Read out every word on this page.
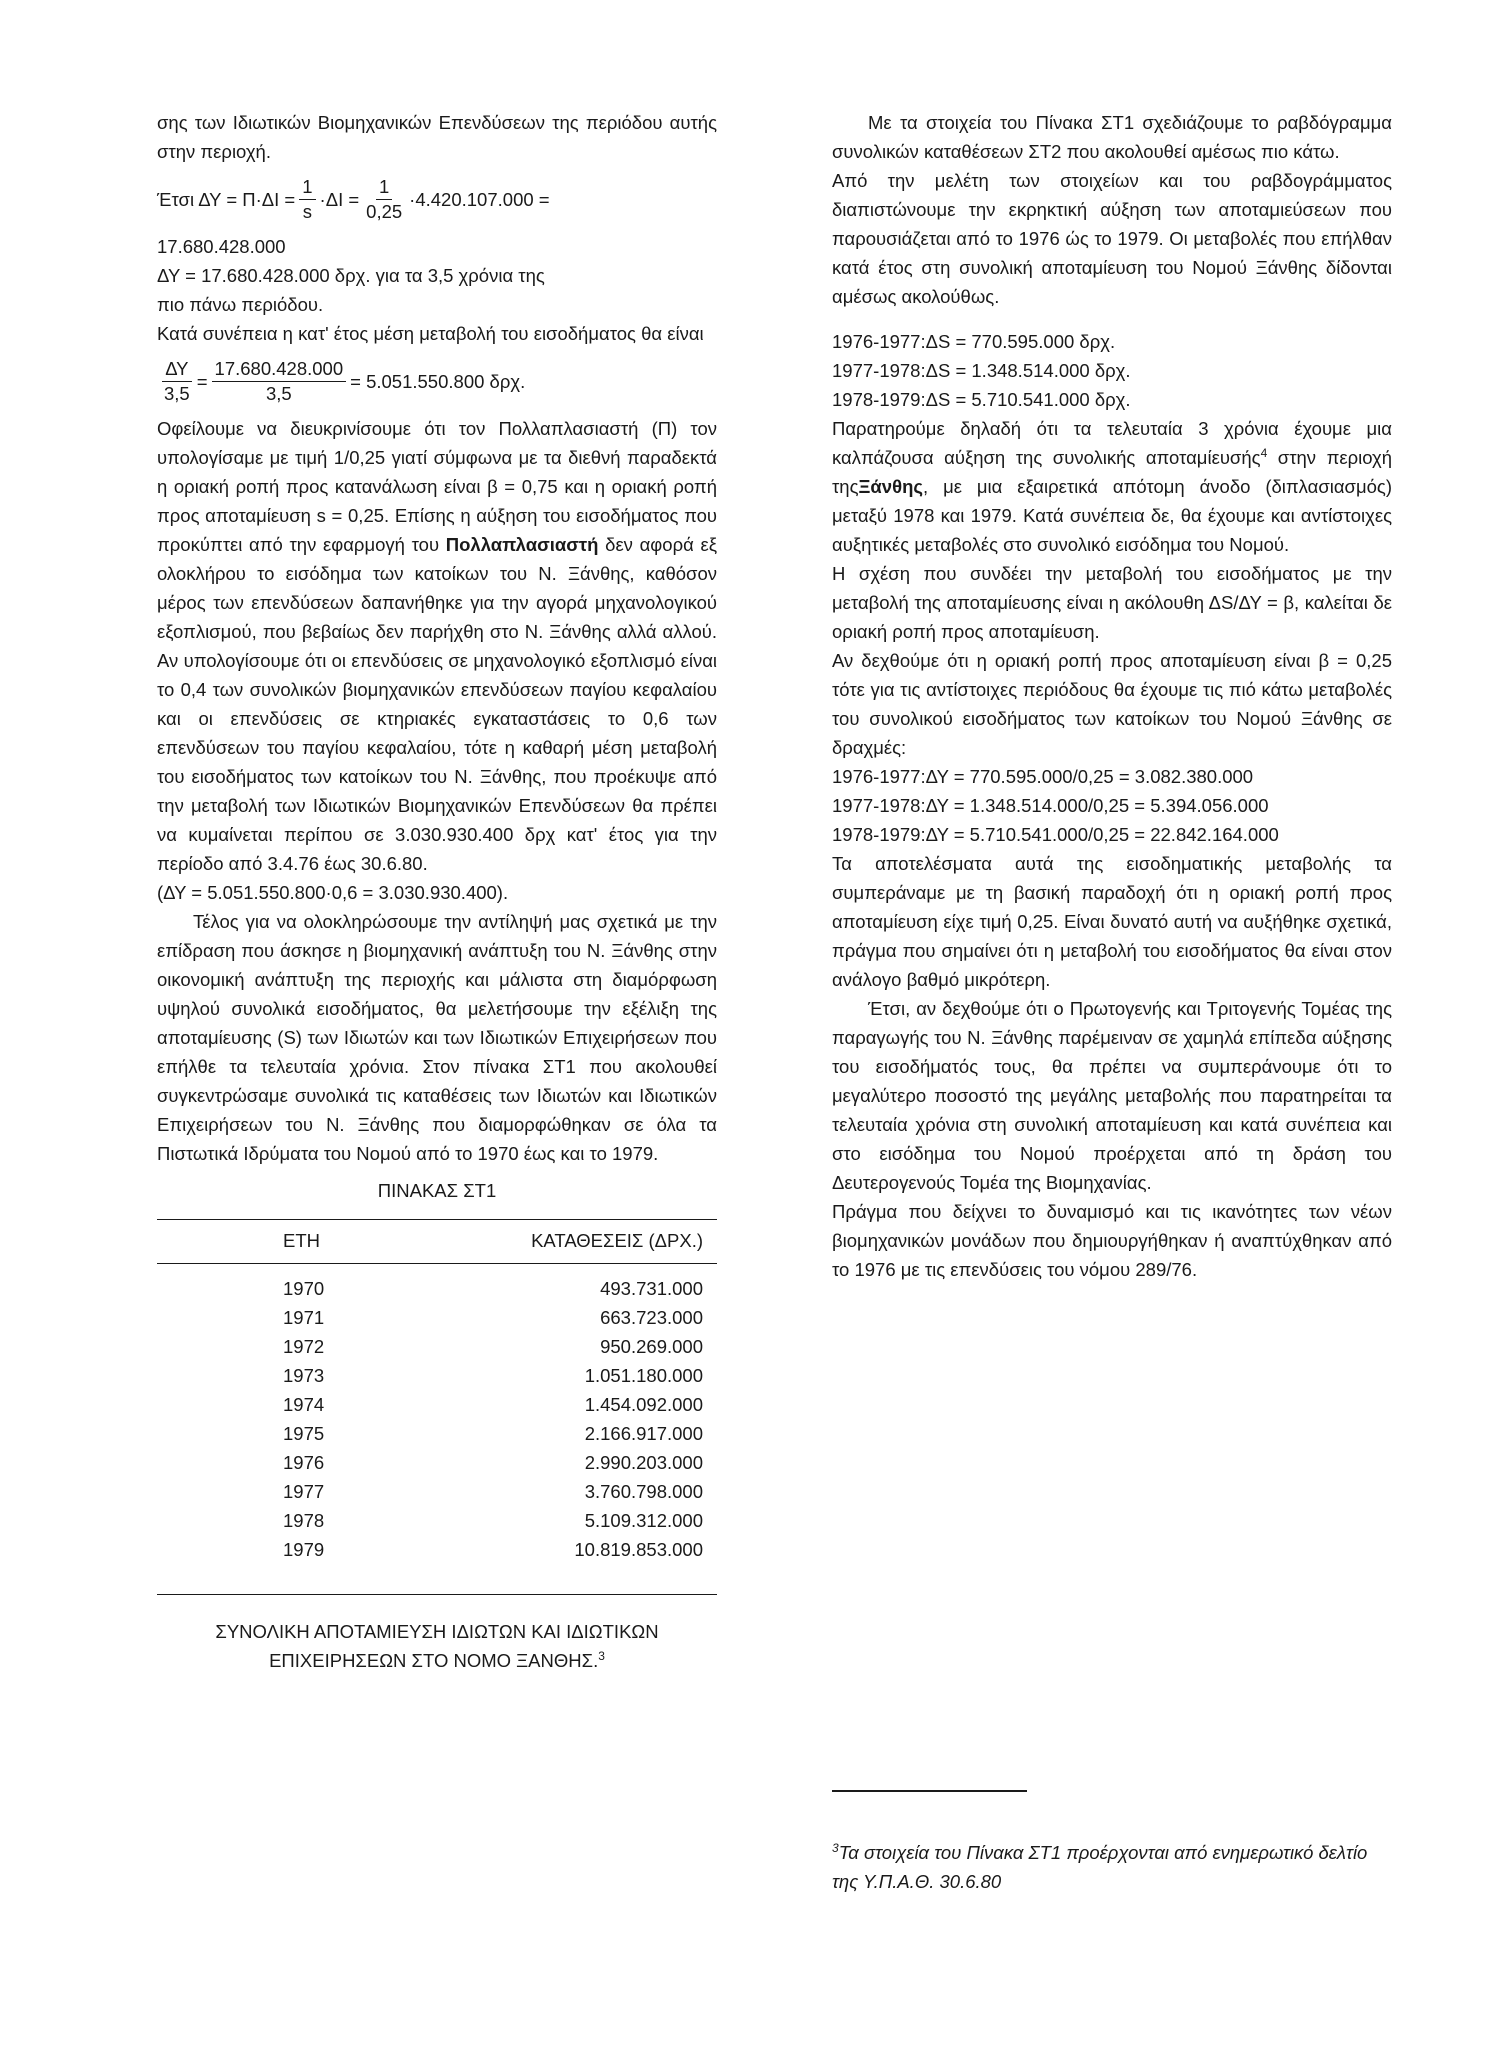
σης των Ιδιωτικών Βιομηχανικών Επενδύσεων της περιόδου αυτής στην περιοχή.

Έτσι $\Delta\Upsilon = \Pi\cdot\Delta I = \frac{1}{s} \cdot\Delta I = \frac{1}{0,25} \cdot 4.420.107.000$ =

17.680.428.000

ΔΥ = 17.680.428.000 δρχ. για τα 3,5 χρόνια της

πιο πάνω περιόδου.

Κατά συνέπεια η κατ' έτος μέση μεταβολή του εισοδήματος θα είναι

$\frac{\Delta\Upsilon}{3,5} = \frac{17.680.428.000}{3,5} = 5.051.550.800$ δρχ.

Οφείλουμε να διευκρινίσουμε ότι τον Πολλαπλασιαστή (Π) τον υπολογίσαμε με τιμή 1/0,25 γιατί σύμφωνα με τα διεθνή παραδεκτά η οριακή ροπή προς κατανάλωση είναι β = 0,75 και η οριακή ροπή προς αποταμίευση s = 0,25. Επίσης η αύξηση του εισοδήματος που προκύπτει από την εφαρμογή του Πολλαπλασιαστή δεν αφορά εξ ολοκλήρου το εισόδημα των κατοίκων του Ν. Ξάνθης, καθόσον μέρος των επενδύσεων δαπανήθηκε για την αγορά μηχανολογικού εξοπλισμού, που βεβαίως δεν παρήχθη στο Ν. Ξάνθης αλλά αλλού. Αν υπολογίσουμε ότι οι επενδύσεις σε μηχανολογικό εξοπλισμό είναι το 0,4 των συνολικών βιομηχανικών επενδύσεων παγίου κεφαλαίου και οι επενδύσεις σε κτηριακές εγκαταστάσεις το 0,6 των επενδύσεων του παγίου κεφαλαίου, τότε η καθαρή μέση μεταβολή του εισοδήματος των κατοίκων του Ν. Ξάνθης, που προέκυψε από την μεταβολή των Ιδιωτικών Βιομηχανικών Επενδύσεων θα πρέπει να κυμαίνεται περίπου σε 3.030.930.400 δρχ κατ' έτος για την περίοδο από 3.4.76 έως 30.6.80.

(ΔΥ = 5.051.550.800·0,6 = 3.030.930.400).

Τέλος για να ολοκληρώσουμε την αντίληψή μας σχετικά με την επίδραση που άσκησε η βιομηχανική ανάπτυξη του Ν. Ξάνθης στην οικονομική ανάπτυξη της περιοχής και μάλιστα στη διαμόρφωση υψηλού συνολικά εισοδήματος, θα μελετήσουμε την εξέλιξη της αποταμίευσης (S) των Ιδιωτών και των Ιδιωτικών Επιχειρήσεων που επήλθε τα τελευταία χρόνια. Στον πίνακα ΣΤ1 που ακολουθεί συγκεντρώσαμε συνολικά τις καταθέσεις των Ιδιωτών και Ιδιωτικών Επιχειρήσεων του Ν. Ξάνθης που διαμορφώθηκαν σε όλα τα Πιστωτικά Ιδρύματα του Νομού από το 1970 έως και το 1979.

ΠΙΝΑΚΑΣ ΣΤ1
ΕΤΗ	ΚΑΤΑΘΕΣΕΙΣ (ΔΡΧ.)

1970	493.731.000
1971	663.723.000
1972	950.269.000
1973	1.051.180.000
1974	1.454.092.000
1975	2.166.917.000
1976	2.990.203.000
1977	3.760.798.000
1978	5.109.312.000
1979	10.819.853.000

ΣΥΝΟΛΙΚΗ ΑΠΟΤΑΜΙΕΥΣΗ ΙΔΙΩΤΩΝ ΚΑΙ ΙΔΙΩΤΙΚΩΝ
ΕΠΙΧΕΙΡΗΣΕΩΝ ΣΤΟ ΝΟΜΟ ΞΑΝΘΗΣ.$^3$

Με τα στοιχεία του Πίνακα ΣΤ1 σχεδιάζουμε το ραβδόγραμμα συνολικών καταθέσεων ΣΤ2 που ακολουθεί αμέσως πιο κάτω.

Από την μελέτη των στοιχείων και του ραβδογράμματος διαπιστώνουμε την εκρηκτική αύξηση των αποταμιεύσεων που παρουσιάζεται από το 1976 ώς το 1979. Οι μεταβολές που επήλθαν κατά έτος στη συνολική αποταμίευση του Νομού Ξάνθης δίδονται αμέσως ακολούθως.

1976-1977:ΔS = 770.595.000 δρχ.

1977-1978:ΔS = 1.348.514.000 δρχ.

1978-1979:ΔS = 5.710.541.000 δρχ.

Παρατηρούμε δηλαδή ότι τα τελευταία 3 χρόνια έχουμε μια καλπάζουσα αύξηση της συνολικής αποταμίευσής$^4$ στην περιοχή τηςΞάνθης, με μια εξαιρετικά απότομη άνοδο (διπλασιασμός) μεταξύ 1978 και 1979. Κατά συνέπεια δε, θα έχουμε και αντίστοιχες αυξητικές μεταβολές στο συνολικό εισόδημα του Νομού.

Η σχέση που συνδέει την μεταβολή του εισοδήματος με την μεταβολή της αποταμίευσης είναι η ακόλουθη ΔS/ΔΥ = β, καλείται δε οριακή ροπή προς αποταμίευση.

Αν δεχθούμε ότι η οριακή ροπή προς αποταμίευση είναι β = 0,25 τότε για τις αντίστοιχες περιόδους θα έχουμε τις πιό κάτω μεταβολές του συνολικού εισοδήματος των κατοίκων του Νομού Ξάνθης σε δραχμές:

1976-1977:ΔΥ = 770.595.000/0,25 = 3.082.380.000

1977-1978:ΔΥ = 1.348.514.000/0,25 = 5.394.056.000

1978-1979:ΔΥ = 5.710.541.000/0,25 = 22.842.164.000

Τα αποτελέσματα αυτά της εισοδηματικής μεταβολής τα συμπεράναμε με τη βασική παραδοχή ότι η οριακή ροπή προς αποταμίευση είχε τιμή 0,25. Είναι δυνατό αυτή να αυξήθηκε σχετικά, πράγμα που σημαίνει ότι η μεταβολή του εισοδήματος θα είναι στον ανάλογο βαθμό μικρότερη.

Έτσι, αν δεχθούμε ότι ο Πρωτογενής και Τριτογενής Τομέας της παραγωγής του Ν. Ξάνθης παρέμειναν σε χαμηλά επίπεδα αύξησης του εισοδήματός τους, θα πρέπει να συμπεράνουμε ότι το μεγαλύτερο ποσοστό της μεγάλης μεταβολής που παρατηρείται τα τελευταία χρόνια στη συνολική αποταμίευση και κατά συνέπεια και στο εισόδημα του Νομού προέρχεται από τη δράση του Δευτερογενούς Τομέα της Βιομηχανίας.

Πράγμα που δείχνει το δυναμισμό και τις ικανότητες των νέων βιομηχανικών μονάδων που δημιουργήθηκαν ή αναπτύχθηκαν από το 1976 με τις επενδύσεις του νόμου 289/76.

$^3$Τα στοιχεία του Πίνακα ΣΤ1 προέρχονται από ενημερωτικό δελτίο της Υ.Π.Α.Θ. 30.6.80
